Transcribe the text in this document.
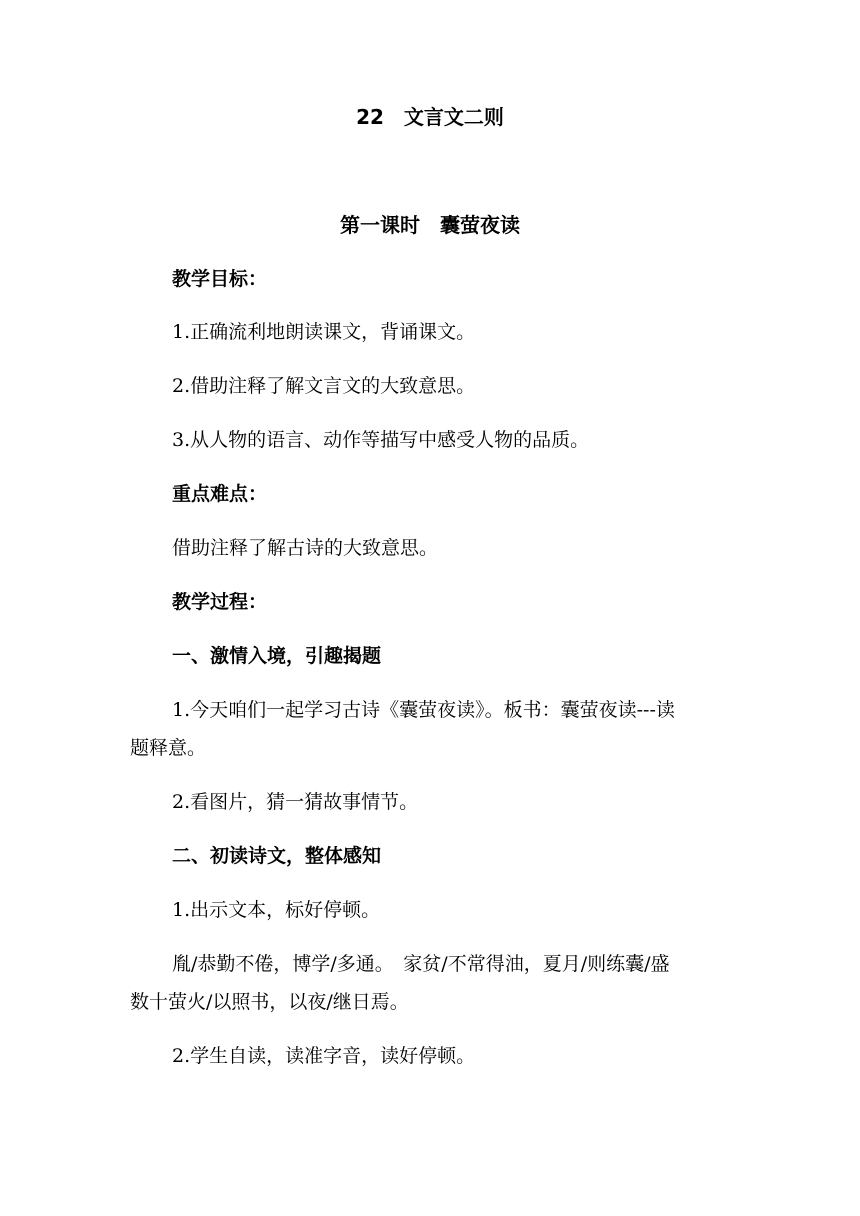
22　文言文二则
第一课时　囊萤夜读
教学目标：
1.正确流利地朗读课文，背诵课文。
2.借助注释了解文言文的大致意思。
3.从人物的语言、动作等描写中感受人物的品质。
重点难点：
借助注释了解古诗的大致意思。
教学过程：
一、激情入境，引趣揭题
1.今天咱们一起学习古诗《囊萤夜读》。板书：囊萤夜读---读
题释意。
2.看图片，猜一猜故事情节。
二、初读诗文，整体感知
1.出示文本，标好停顿。
胤/恭勤不倦，博学/多通。　家贫/不常得油，夏月/则练囊/盛
数十萤火/以照书，以夜/继日焉。
2.学生自读，读准字音，读好停顿。
